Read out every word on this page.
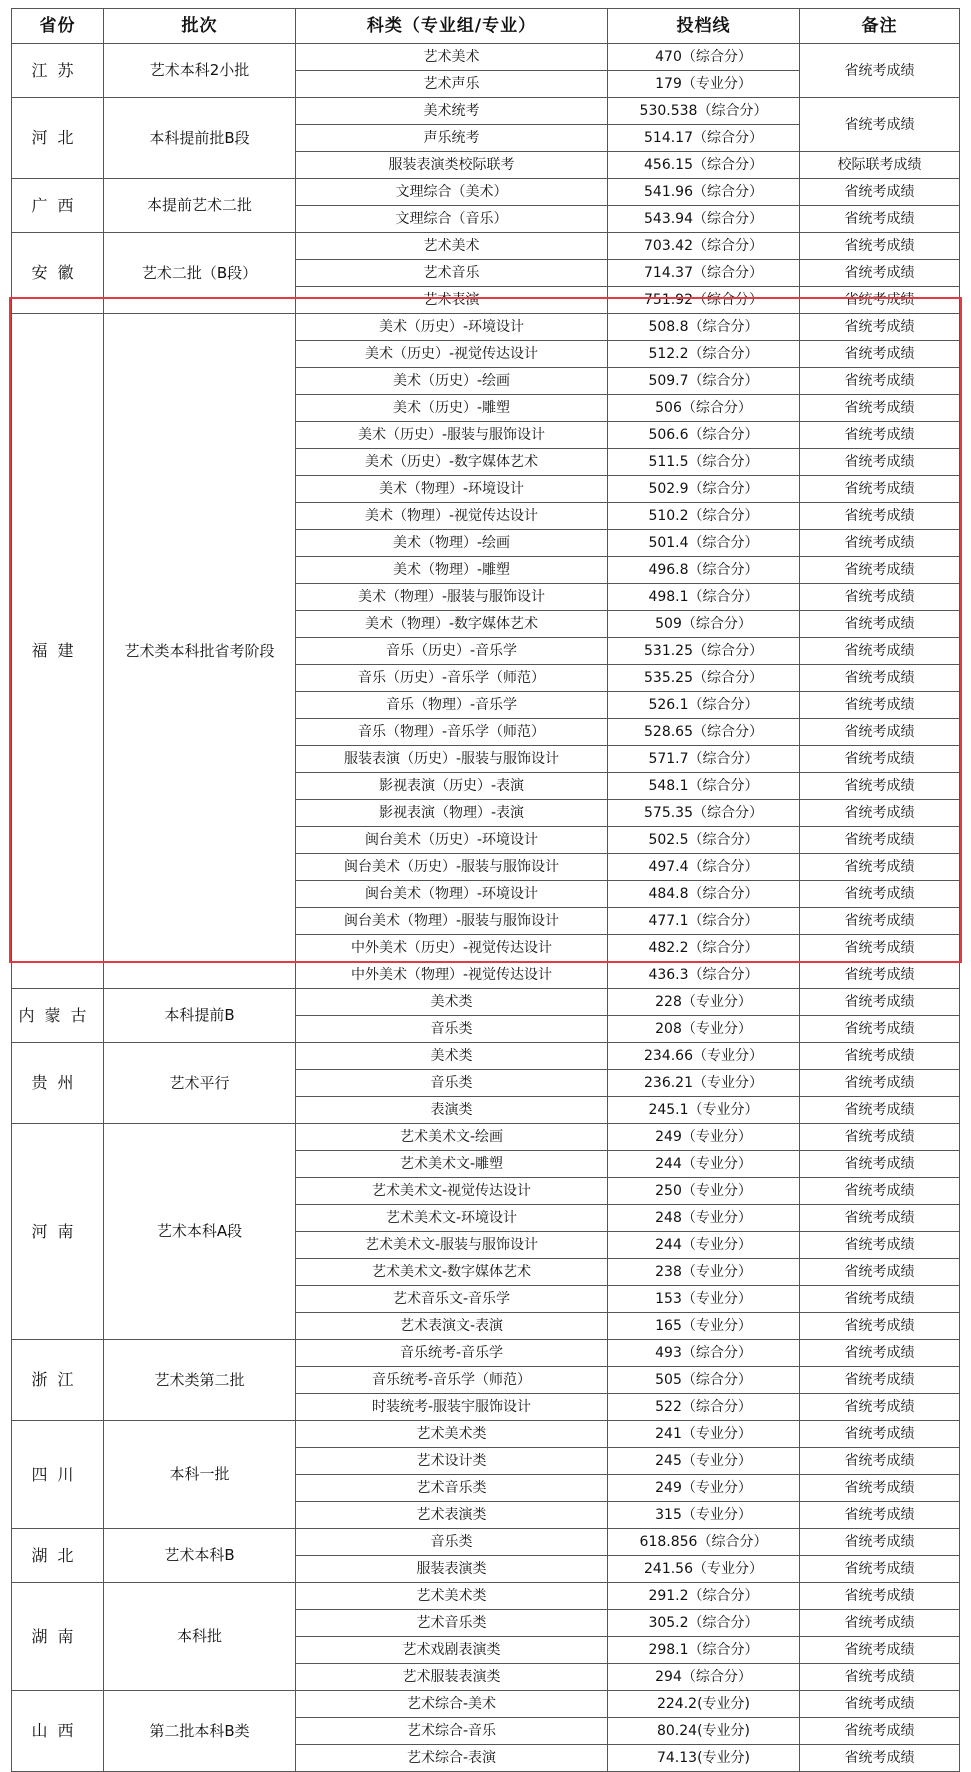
省份	批次	科类（专业组/专业）	投档线	备注
江苏	艺术本科2小批	艺术美术	470（综合分）	省统考成绩
		艺术声乐	179（专业分）	
河北	本科提前批B段	美术统考	530.538（综合分）	省统考成绩
		声乐统考	514.17（综合分）	
		服装表演类校际联考	456.15（综合分）	校际联考成绩
广西	本提前艺术二批	文理综合（美术）	541.96（综合分）	省统考成绩
		文理综合（音乐）	543.94（综合分）	省统考成绩
安徽	艺术二批（B段）	艺术美术	703.42（综合分）	省统考成绩
		艺术音乐	714.37（综合分）	省统考成绩
		艺术表演	751.92（综合分）	省统考成绩
福建	艺术类本科批省考阶段	美术（历史）-环境设计	508.8（综合分）	省统考成绩
		美术（历史）-视觉传达设计	512.2（综合分）	省统考成绩
		美术（历史）-绘画	509.7（综合分）	省统考成绩
		美术（历史）-雕塑	506（综合分）	省统考成绩
		美术（历史）-服装与服饰设计	506.6（综合分）	省统考成绩
		美术（历史）-数字媒体艺术	511.5（综合分）	省统考成绩
		美术（物理）-环境设计	502.9（综合分）	省统考成绩
		美术（物理）-视觉传达设计	510.2（综合分）	省统考成绩
		美术（物理）-绘画	501.4（综合分）	省统考成绩
		美术（物理）-雕塑	496.8（综合分）	省统考成绩
		美术（物理）-服装与服饰设计	498.1（综合分）	省统考成绩
		美术（物理）-数字媒体艺术	509（综合分）	省统考成绩
		音乐（历史）-音乐学	531.25（综合分）	省统考成绩
		音乐（历史）-音乐学（师范）	535.25（综合分）	省统考成绩
		音乐（物理）-音乐学	526.1（综合分）	省统考成绩
		音乐（物理）-音乐学（师范）	528.65（综合分）	省统考成绩
		服装表演（历史）-服装与服饰设计	571.7（综合分）	省统考成绩
		影视表演（历史）-表演	548.1（综合分）	省统考成绩
		影视表演（物理）-表演	575.35（综合分）	省统考成绩
		闽台美术（历史）-环境设计	502.5（综合分）	省统考成绩
		闽台美术（历史）-服装与服饰设计	497.4（综合分）	省统考成绩
		闽台美术（物理）-环境设计	484.8（综合分）	省统考成绩
		闽台美术（物理）-服装与服饰设计	477.1（综合分）	省统考成绩
		中外美术（历史）-视觉传达设计	482.2（综合分）	省统考成绩
		中外美术（物理）-视觉传达设计	436.3（综合分）	省统考成绩
内蒙古	本科提前B	美术类	228（专业分）	省统考成绩
		音乐类	208（专业分）	省统考成绩
贵州	艺术平行	美术类	234.66（专业分）	省统考成绩
		音乐类	236.21（专业分）	省统考成绩
		表演类	245.1（专业分）	省统考成绩
河南	艺术本科A段	艺术美术文-绘画	249（专业分）	省统考成绩
		艺术美术文-雕塑	244（专业分）	省统考成绩
		艺术美术文-视觉传达设计	250（专业分）	省统考成绩
		艺术美术文-环境设计	248（专业分）	省统考成绩
		艺术美术文-服装与服饰设计	244（专业分）	省统考成绩
		艺术美术文-数字媒体艺术	238（专业分）	省统考成绩
		艺术音乐文-音乐学	153（专业分）	省统考成绩
		艺术表演文-表演	165（专业分）	省统考成绩
浙江	艺术类第二批	音乐统考-音乐学	493（综合分）	省统考成绩
		音乐统考-音乐学（师范）	505（综合分）	省统考成绩
		时装统考-服装宇服饰设计	522（综合分）	省统考成绩
四川	本科一批	艺术美术类	241（专业分）	省统考成绩
		艺术设计类	245（专业分）	省统考成绩
		艺术音乐类	249（专业分）	省统考成绩
		艺术表演类	315（专业分）	省统考成绩
湖北	艺术本科B	音乐类	618.856（综合分）	省统考成绩
		服装表演类	241.56（专业分）	省统考成绩
湖南	本科批	艺术美术类	291.2（综合分）	省统考成绩
		艺术音乐类	305.2（综合分）	省统考成绩
		艺术戏剧表演类	298.1（综合分）	省统考成绩
		艺术服装表演类	294（综合分）	省统考成绩
山西	第二批本科B类	艺术综合-美术	224.2(专业分)	省统考成绩
		艺术综合-音乐	80.24(专业分)	省统考成绩
		艺术综合-表演	74.13(专业分)	省统考成绩
